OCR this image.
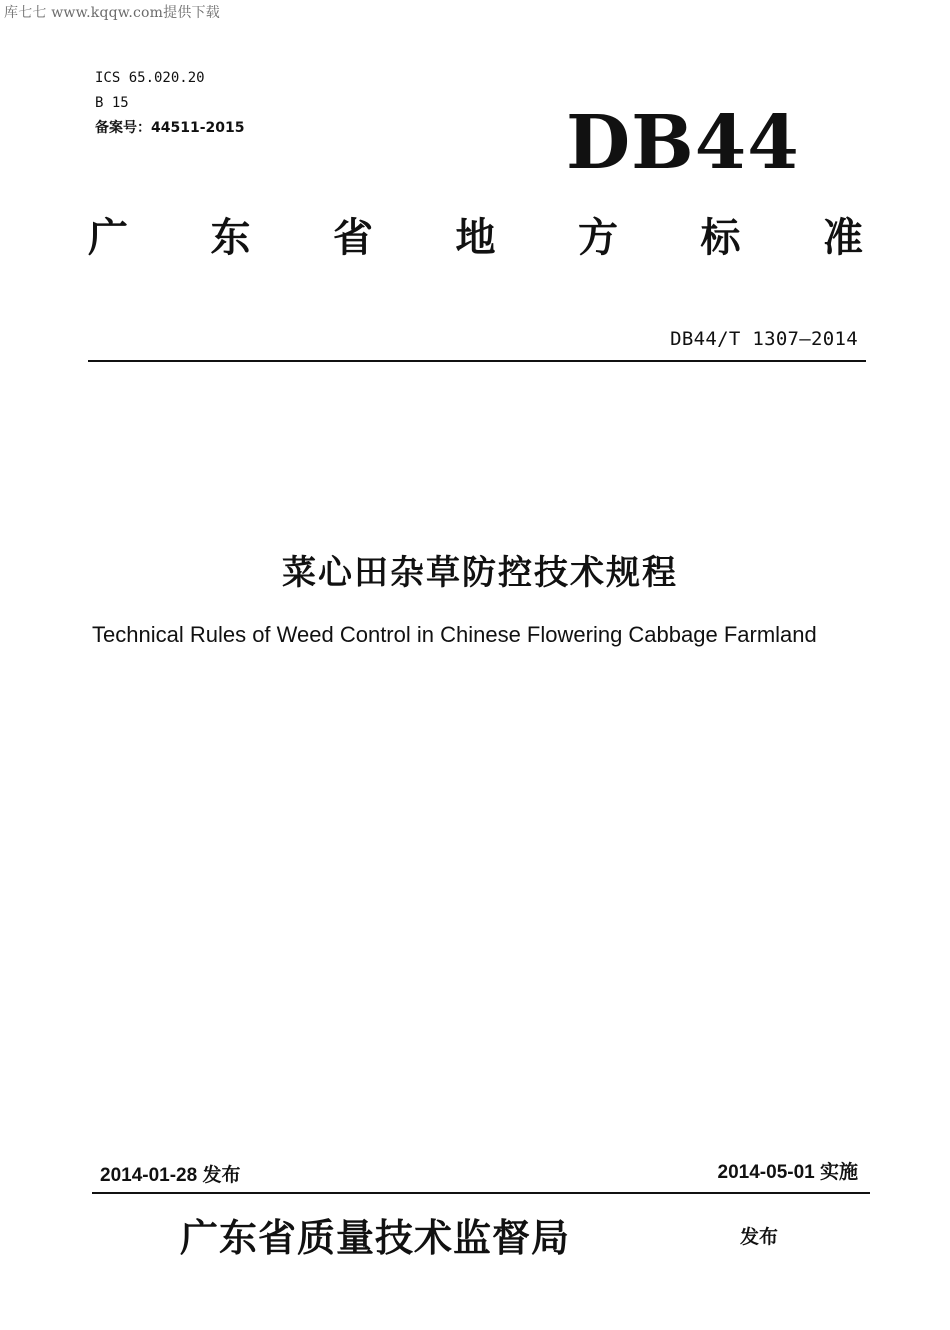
库七七 www.kqqw.com提供下载
ICS 65.020.20
B 15
备案号：44511-2015	DB44
广 东 省 地 方 标 准
DB44/T 1307—2014
菜心田杂草防控技术规程
Technical Rules of Weed Control in Chinese Flowering Cabbage Farmland
2014-01-28 发布	2014-05-01 实施
广东省质量技术监督局	发布
